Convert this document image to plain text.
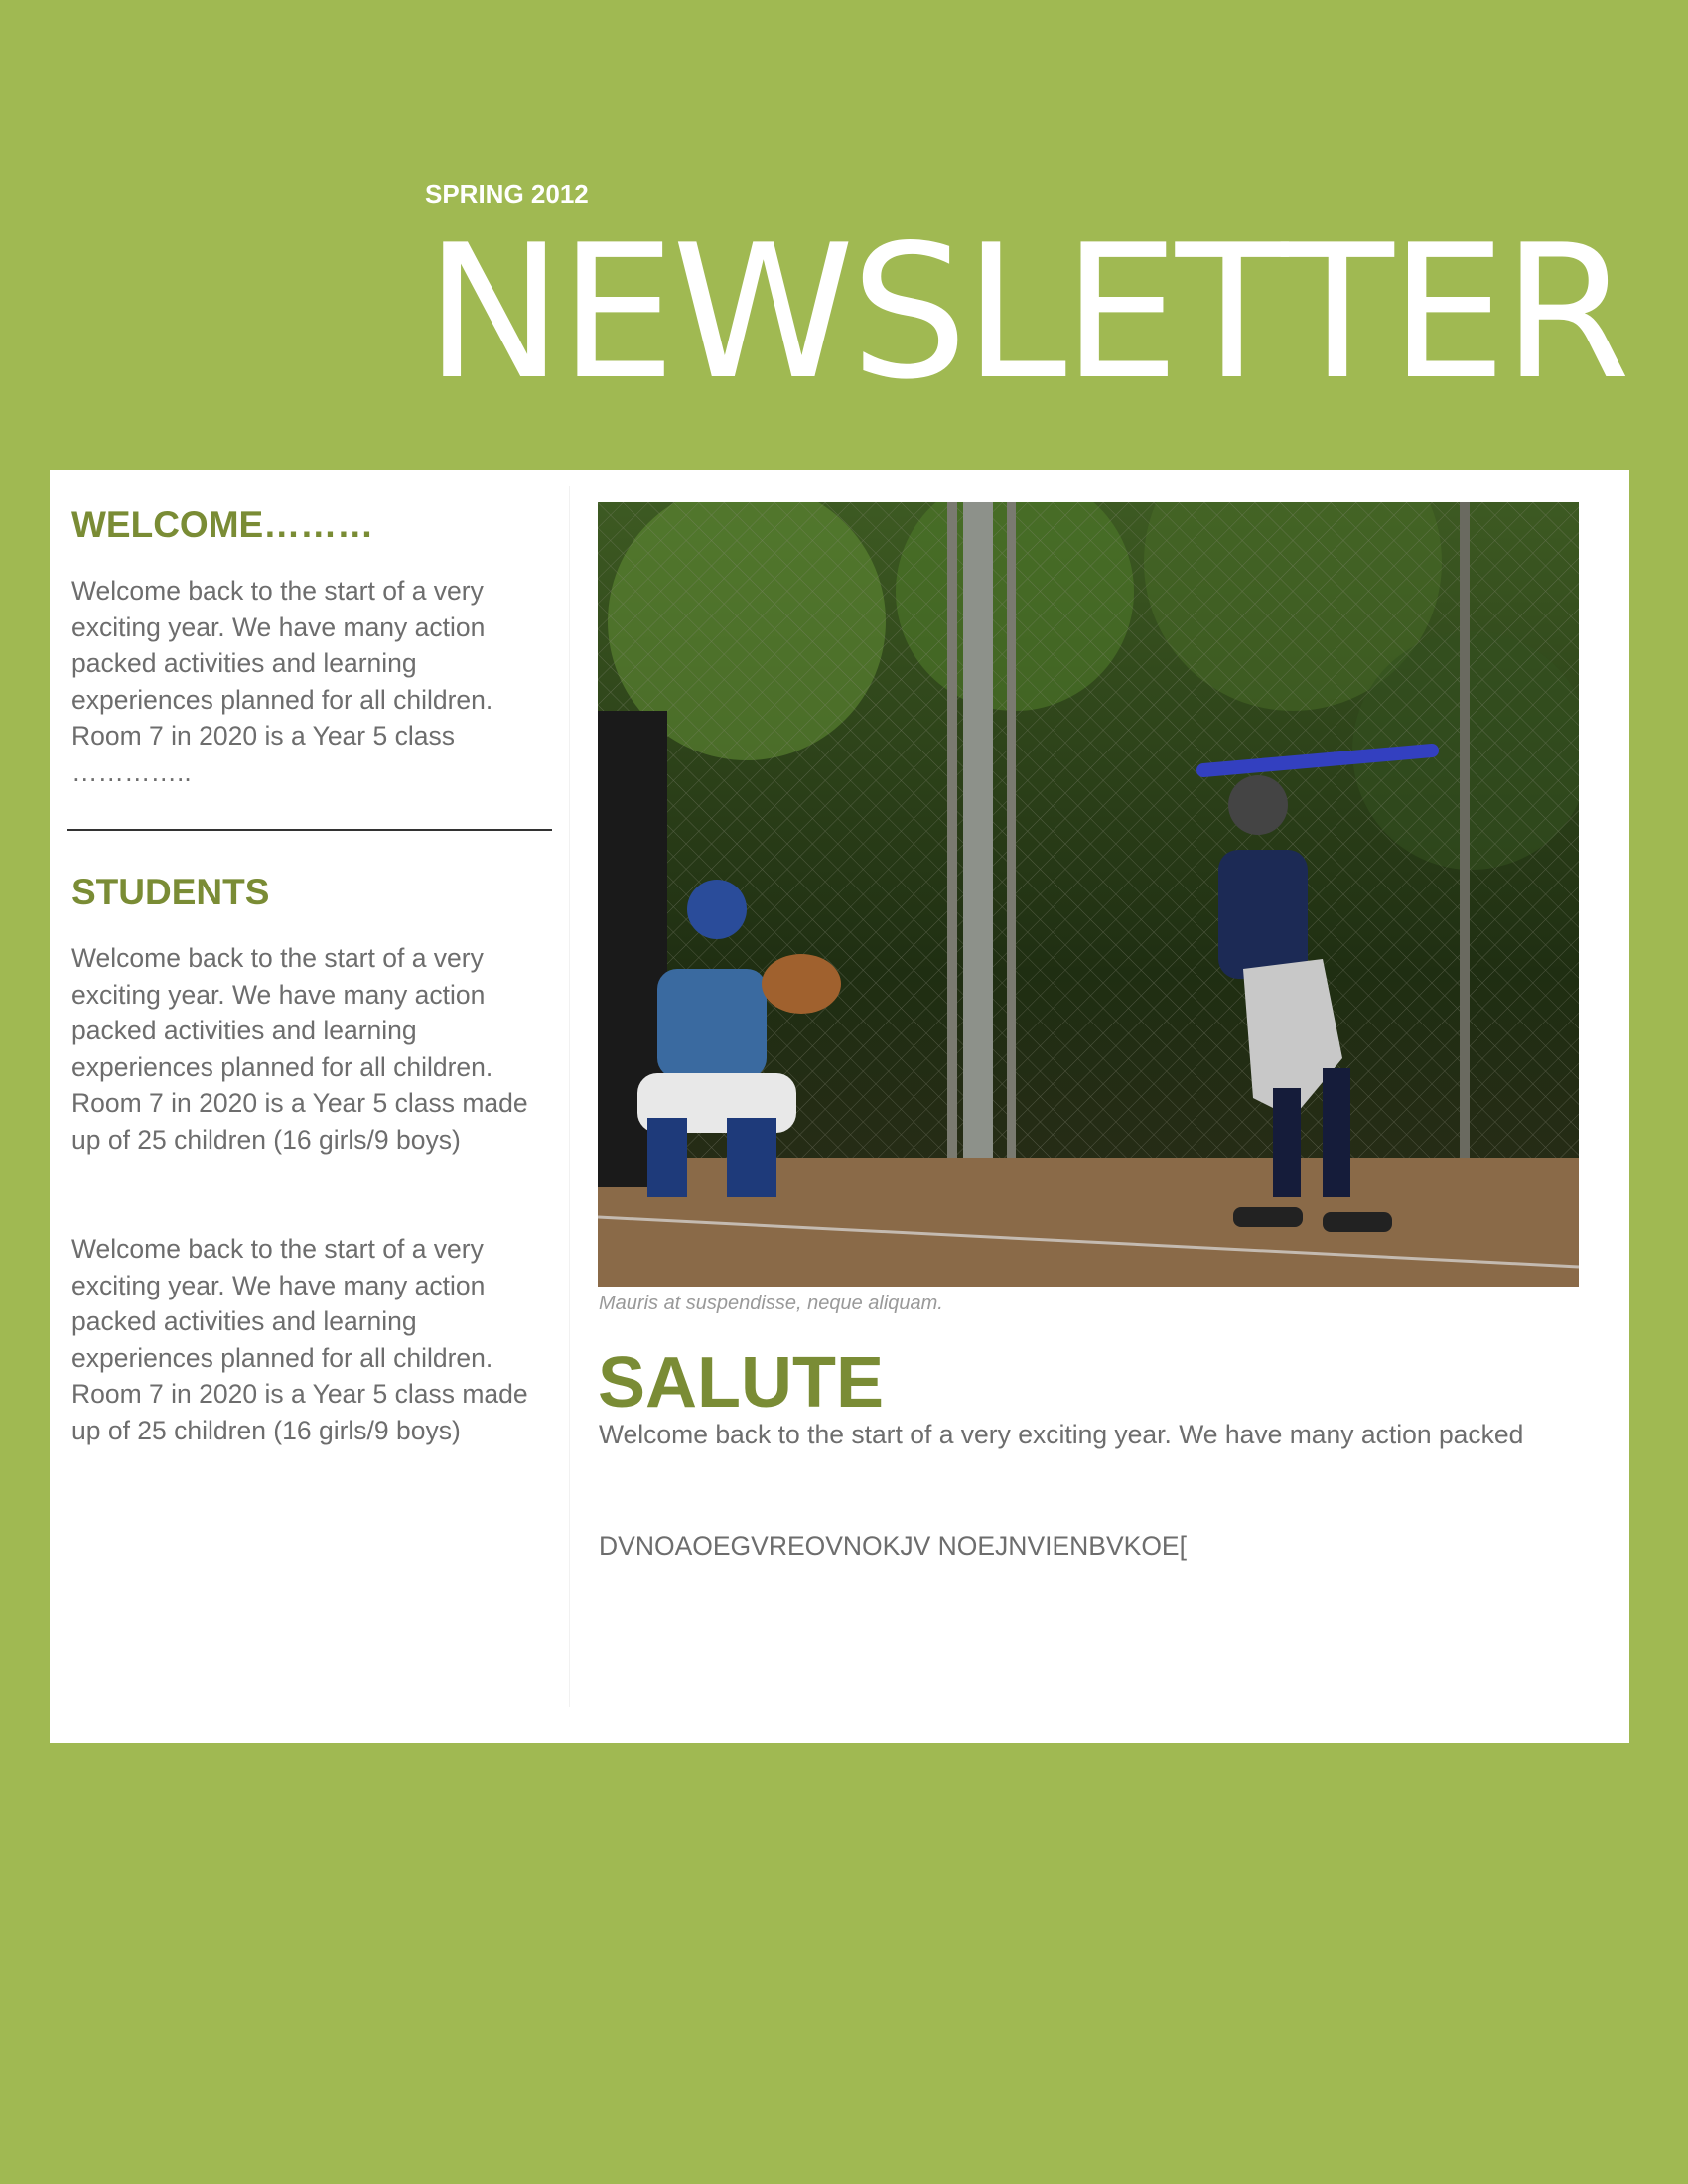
SPRING 2012
NEWSLETTER
WELCOME………
Welcome back to the start of a very exciting year. We have many action packed activities and learning experiences planned for all children. Room 7 in 2020 is a Year 5 class …………..
STUDENTS
Welcome back to the start of a very exciting year. We have many action packed activities and learning experiences planned for all children. Room 7 in 2020 is a Year 5 class made up of 25 children (16 girls/9 boys)
Welcome back to the start of a very exciting year. We have many action packed activities and learning experiences planned for all children. Room 7 in 2020 is a Year 5 class made up of 25 children (16 girls/9 boys)
Mauris at suspendisse, neque aliquam.
SALUTE
Welcome back to the start of a very exciting year. We have many action packed
DVNOAOEGVREOVNOKJV NOEJNVIENBVKOE[
